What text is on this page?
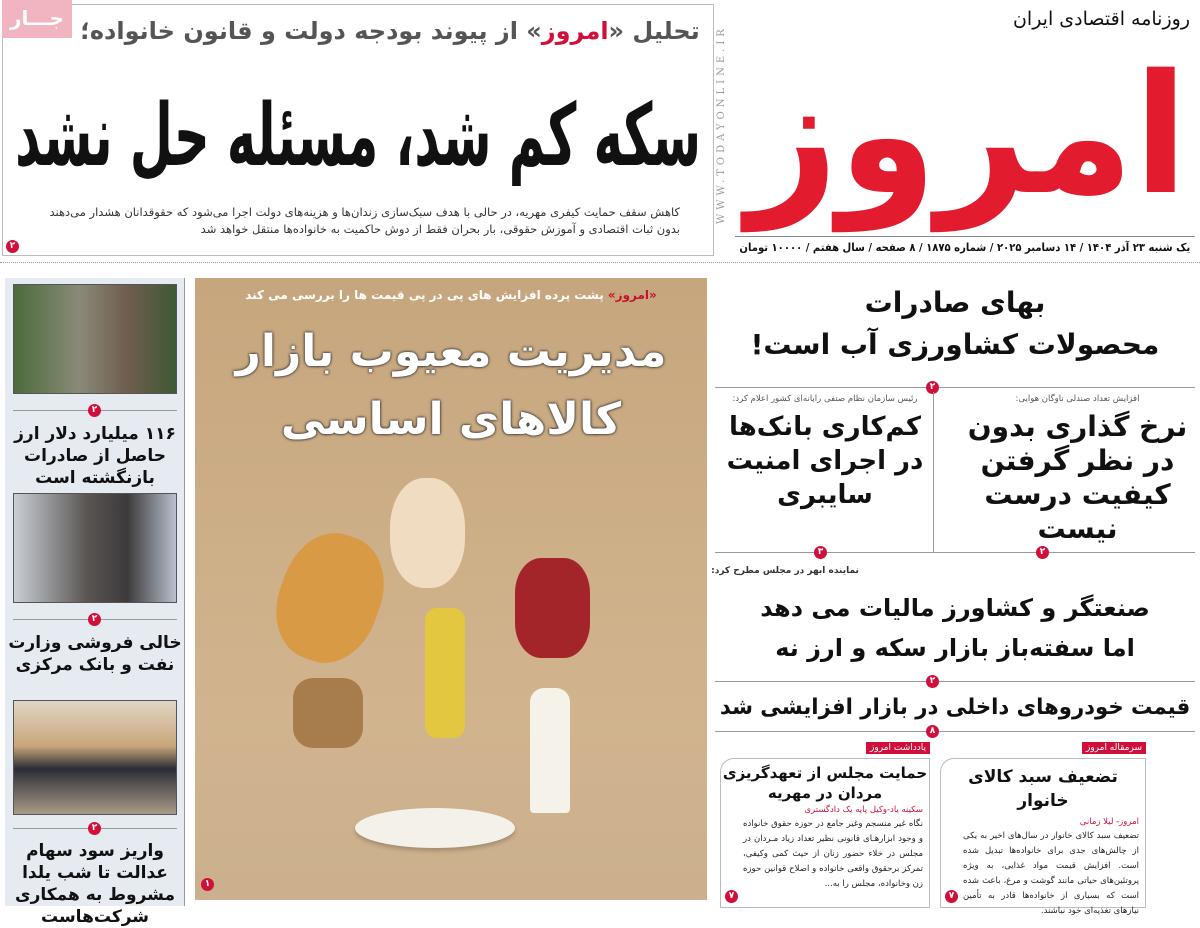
جـــار	تحلیل «امروز» از پیوند بودجه دولت و قانون خانواده؛
سکه کم شد، مسئله حل نشد
کاهش سقف حمایت کیفری مهریه، در حالی با هدف سبک‌سازی زندان‌ها و هزینه‌های دولت اجرا می‌شود که حقوقدانان هشدار می‌دهند بدون ثبات اقتصادی و آموزش حقوقی، بار بحران فقط از دوش حاکمیت به خانواده‌ها منتقل خواهد شد
۲
WWW.TODAYONLINE.IR امروز
روزنامه اقتصادی ایران
یک شنبه ۲۳ آذر ۱۴۰۴ / ۱۴ دسامبر ۲۰۲۵ / شماره ۱۸۷۵ / ۸ صفحه / سال هفتم / ۱۰۰۰۰ تومان
۲
۱۱۶ میلیارد دلار ارز حاصل از صادرات بازنگشته است
۲
خالی فروشی وزارت نفت و بانک مرکزی
۲
واریز سود سهام عدالت تا شب یلدا مشروط به همکاری شرکت‌هاست
«امروز» پشت پرده افزایش های پی در پی قیمت ها را بررسی می کند
مدیریت معیوب بازار
کالاهای اساسی
۱
بهای صادرات
محصولات کشاورزی آب است!
۲
افزایش تعداد صندلی ناوگان هوایی:
نرخ گذاری بدون در نظر گرفتن کیفیت درست نیست
رئیس سازمان نظام صنفی رایانه‌ای کشور اعلام کرد:
کم‌کاری بانک‌ها در اجرای امنیت سایبری
۲
۳
نماینده ابهر در مجلس مطرح کرد:
صنعتگر و کشاورز مالیات می دهد
اما سفته‌باز بازار سکه و ارز نه
۲
قیمت خودروهای داخلی در بازار افزایشی شد
۸
سرمقاله امروز
تضعیف سبد کالای خانوار
امروز- لیلا زمانی
تضعیف سبد کالای خانوار در سال‌های اخیر به یکی از چالش‌های جدی برای خانواده‌ها تبدیل شده است. افزایش قیمت مواد غذایی، به ویژه پروتئین‌های حیاتی مانند گوشت و مرغ، باعث شده است که بسیاری از خانواده‌ها قادر به تأمین نیازهای تغذیه‌ای خود نباشند.
۷
یادداشت امروز
حمایت مجلس از تعهدگریزی مردان در مهریه
سکینه یاد-وکیل پایه یک دادگستری
نگاه غیر منسجم وغیر جامع در حوزه حقوق خانواده و وجود ابزارهـای قانونی نظیر تعداد زیاد مـردان در مجلس در خلاء حضور زنان از حیث کمی وکیفی، تمرکز برحقوق واقعی خانواده و اصلاح قوانین حوزه زن وخانواده، مجلس را به...
۷
